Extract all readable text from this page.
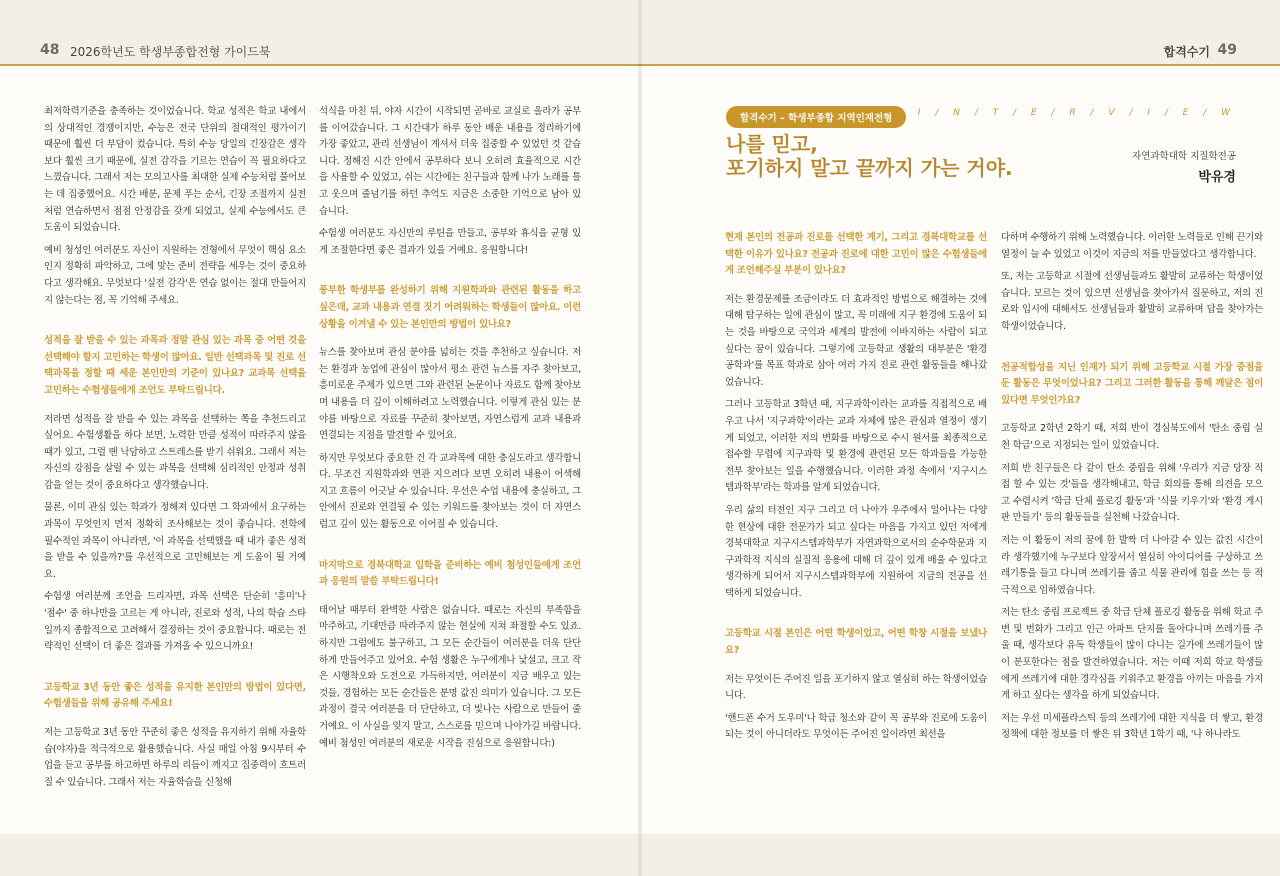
48 2026학년도 학생부종합전형 가이드북

최저학력기준을 충족하는 것이었습니다. 학교 성적은 학교 내에서의 상대적인 경쟁이지만, 수능은 전국 단위의 절대적인 평가이기 때문에 훨씬 더 부담이 컸습니다. 특히 수능 당일의 긴장감은 생각보다 훨씬 크기 때문에, 실전 감각을 기르는 연습이 꼭 필요하다고 느꼈습니다. 그래서 저는 모의고사를 최대한 실제 수능처럼 풀어보는 데 집중했어요. 시간 배분, 문제 푸는 순서, 긴장 조절까지 실전처럼 연습하면서 점점 안정감을 갖게 되었고, 실제 수능에서도 큰 도움이 되었습니다.

예비 청성인 여러분도 자신이 지원하는 전형에서 무엇이 핵심 요소인지 정확히 파악하고, 그에 맞는 준비 전략을 세우는 것이 중요하다고 생각해요. 무엇보다 '실전 감각'은 연습 없이는 절대 만들어지지 않는다는 점, 꼭 기억해 주세요.

성적을 잘 받을 수 있는 과목과 정말 관심 있는 과목 중 어떤 것을 선택해야 할지 고민하는 학생이 많아요. 일반 선택과목 및 진로 선택과목을 정할 때 세운 본인만의 기준이 있나요? 교과목 선택을 고민하는 수험생들에게 조언도 부탁드립니다.

저라면 성적을 잘 받을 수 있는 과목을 선택하는 쪽을 추천드리고 싶어요. 수험생활을 하다 보면, 노력한 만큼 성적이 따라주지 않을 때가 있고, 그럴 땐 낙담하고 스트레스를 받기 쉬워요. 그래서 저는 자신의 강점을 살릴 수 있는 과목을 선택해 심리적인 안정과 성취감을 얻는 것이 중요하다고 생각했습니다.

물론, 이미 관심 있는 학과가 정해져 있다면 그 학과에서 요구하는 과목이 무엇인지 먼저 정확히 조사해보는 것이 좋습니다. 전학에 필수적인 과목이 아니라면, '이 과목을 선택했을 때 내가 좋은 성적을 받을 수 있을까?'를 우선적으로 고민해보는 게 도움이 될 거예요.

수험생 여러분께 조언을 드리자면, 과목 선택은 단순히 '흥미'나 '점수' 중 하나만을 고르는 게 아니라, 진로와 성적, 나의 학습 스타일까지 종합적으로 고려해서 결정하는 것이 중요합니다. 때로는 전략적인 선택이 더 좋은 결과를 가져올 수 있으니까요!

고등학교 3년 동안 좋은 성적을 유지한 본인만의 방법이 있다면, 수험생들을 위해 공유해 주세요!

저는 고등학교 3년 동안 꾸준히 좋은 성적을 유지하기 위해 자율학습(야자)을 적극적으로 활용했습니다. 사실 매일 아침 9시부터 수업을 듣고 공부를 하고하면 하루의 리듬이 깨지고 집중력이 흐트러질 수 있습니다. 그래서 저는 자율학습을 신청해

석식을 마친 뒤, 야자 시간이 시작되면 곧바로 교실로 올라가 공부를 이어갔습니다. 그 시간대가 하루 동안 배운 내용을 정리하기에 가장 좋았고, 관리 선생님이 계셔서 더욱 집중할 수 있었던 것 같습니다. 정해진 시간 안에서 공부하다 보니 오히려 효율적으로 시간을 사용할 수 있었고, 쉬는 시간에는 친구들과 함께 나가 노래를 틀고 웃으며 줄넘기를 하던 추억도 지금은 소중한 기억으로 남아 있습니다.

수험생 여러분도 자신만의 루틴을 만들고, 공부와 휴식을 균형 있게 조절한다면 좋은 결과가 있을 거예요. 응원합니다!

풍부한 학생부를 완성하기 위해 지원학과와 관련된 활동을 하고 싶은데, 교과 내용과 연결 짓기 어려워하는 학생들이 많아요. 이런 상황을 이겨낼 수 있는 본인만의 방법이 있나요?

뉴스를 찾아보며 관심 분야를 넓히는 것을 추천하고 싶습니다. 저는 환경과 농업에 관심이 많아서 평소 관련 뉴스를 자주 찾아보고, 흥미로운 주제가 있으면 그와 관련된 논문이나 자료도 함께 찾아보며 내용을 더 깊이 이해하려고 노력했습니다. 이렇게 관심 있는 분야를 바탕으로 자료를 꾸준히 찾아보면, 자연스럽게 교과 내용과 연결되는 지점을 발견할 수 있어요.

하지만 무엇보다 중요한 건 각 교과목에 대한 충실도라고 생각합니다. 무조건 지원학과와 연관 지으려다 보면 오히려 내용이 어색해지고 흐름이 어긋날 수 있습니다. 우선은 수업 내용에 충실하고, 그 안에서 진로와 연결될 수 있는 키워드를 찾아보는 것이 더 자연스럽고 깊이 있는 활동으로 이어질 수 있습니다.

마지막으로 경북대학교 입학을 준비하는 예비 첨성인들에게 조언과 응원의 말씀 부탁드립니다!

태어날 때부터 완벽한 사람은 없습니다. 때로는 자신의 부족함을 마주하고, 기대만큼 따라주지 않는 현실에 지쳐 좌절할 수도 있죠. 하지만 그럼에도 불구하고, 그 모든 순간들이 여러분을 더욱 단단하게 만들어주고 있어요. 수험 생활은 누구에게나 낯설고, 크고 작은 시행착오와 도전으로 가득하지만, 여러분이 지금 배우고 있는 것들, 경험하는 모든 순간들은 분명 값진 의미가 있습니다. 그 모든 과정이 결국 여러분을 더 단단하고, 더 빛나는 사람으로 만들어 줄 거예요. 이 사실을 잊지 말고, 스스로를 믿으며 나아가길 바랍니다. 예비 첨성인 여러분의 새로운 시작을 진심으로 응원합니다:)

합격수기 49
합격수기 – 학생부종합 지역인재전형	I / N / T / E / R / V / I / E / W
나를 믿고,
포기하지 말고 끝까지 가는 거야.	자연과학대학 지질학전공
박유경

현재 본인의 전공과 진로를 선택한 계기, 그리고 경북대학교를 선택한 이유가 있나요? 전공과 진로에 대한 고민이 많은 수험생들에게 조언해주실 부분이 있나요?

저는 환경문제를 조금이라도 더 효과적인 방법으로 해결하는 것에 대해 탐구하는 일에 관심이 많고, 꼭 미래에 지구 환경에 도움이 되는 것을 바탕으로 국익과 세계의 발전에 이바지하는 사람이 되고 싶다는 꿈이 있습니다. 그렇기에 고등학교 생활의 대부분은 '환경공학과'를 목표 학과로 삼아 여러 가지 진로 관련 활동들을 해나갔었습니다.

그러나 고등학교 3학년 때, 지구과학이라는 교과를 직접적으로 배우고 나서 '지구과학'이라는 교과 자체에 많은 관심과 열정이 생기게 되었고, 이러한 저의 변화를 바탕으로 수시 원서를 최종적으로 접수할 무렵에 지구과학 및 환경에 관련된 모든 학과들을 가능한 전부 찾아보는 일을 수행했습니다. 이러한 과정 속에서 '지구시스템과학부'라는 학과를 알게 되었습니다.

우리 삶의 터전인 지구 그리고 더 나아가 우주에서 일어나는 다양한 현상에 대한 전문가가 되고 싶다는 마음을 가지고 있던 저에게 경북대학교 지구시스템과학부가 자연과학으로서의 순수학문과 지구과학적 지식의 실질적 응용에 대해 더 깊이 있게 배울 수 있다고 생각하게 되어서 지구시스템과학부에 지원하여 지금의 전공을 선택하게 되었습니다.

고등학교 시절 본인은 어떤 학생이었고, 어떤 학창 시절을 보냈나요?

저는 무엇이든 주어진 일을 포기하지 않고 열심히 하는 학생이었습니다.

'핸드폰 수거 도우미'나 학급 청소와 같이 꼭 공부와 진로에 도움이 되는 것이 아니더라도 무엇이든 주어진 일이라면 최선을

다하며 수행하기 위해 노력했습니다. 이러한 노력들로 인해 끈기와 열정이 늘 수 있었고 이것이 지금의 저를 만들었다고 생각합니다.

또, 저는 고등학교 시절에 선생님들과도 활발히 교류하는 학생이었습니다. 모르는 것이 있으면 선생님을 찾아가서 질문하고, 저의 진로와 입시에 대해서도 선생님들과 활발히 교류하며 답을 찾아가는 학생이었습니다.

전공적합성을 지닌 인재가 되기 위해 고등학교 시절 가장 중점을 둔 활동은 무엇이었나요? 그리고 그러한 활동을 통해 깨달은 점이 있다면 무엇인가요?

고등학교 2학년 2학기 때, 저희 반이 경심북도에서 '탄소 중립 실천 학급'으로 지정되는 일이 있었습니다.

저희 반 친구들은 다 같이 탄소 중립을 위해 '우리가 지금 당장 직접 할 수 있는 것'들을 생각해내고, 학급 회의를 통해 의견을 모으고 수렴시켜 '학급 단체 플로깅 활동'과 '식물 키우기'와 '환경 게시판 만들기' 등의 활동들을 실천해 나갔습니다.

저는 이 활동이 저의 꿈에 한 발짝 더 나아갈 수 있는 값진 시간이라 생각했기에 누구보다 앞장서서 열심히 아이디어를 구상하고 쓰레기통을 들고 다니며 쓰레기를 줍고 식물 관리에 힘을 쓰는 등 적극적으로 임하였습니다.

저는 탄소 중립 프로젝트 중 학급 단체 플로깅 활동을 위해 학교 주변 및 번화가 그리고 인근 아파트 단지를 돌아다니며 쓰레기를 주울 때, 생각보다 유독 학생들이 많이 다니는 길가에 쓰레기들이 많이 분포한다는 점을 발견하였습니다. 저는 이때 저희 학교 학생들에게 쓰레기에 대한 경각심을 키워주고 환경을 아끼는 마음을 가지게 하고 싶다는 생각을 하게 되었습니다.

저는 우선 미세플라스틱 등의 쓰레기에 대한 지식을 더 쌓고, 환경정책에 대한 정보를 더 쌓은 뒤 3학년 1학기 때, '나 하나라도
